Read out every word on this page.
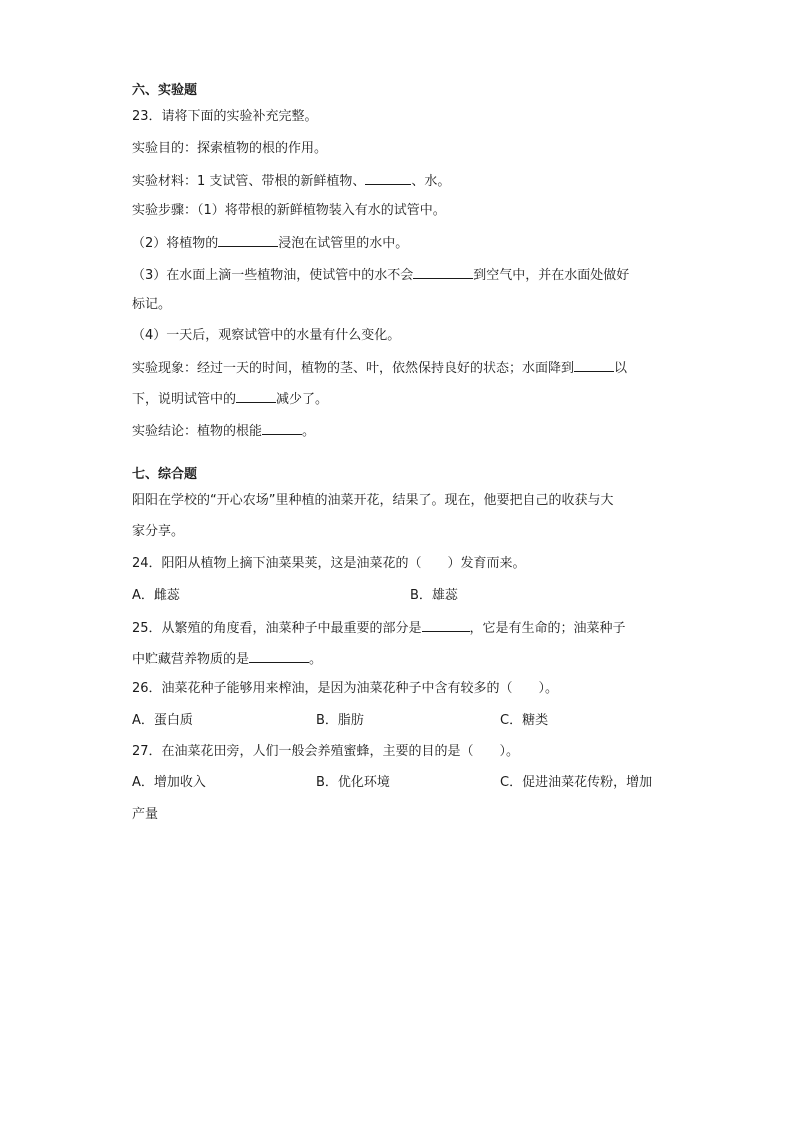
六、实验题
23．请将下面的实验补充完整。
实验目的：探索植物的根的作用。
实验材料：1 支试管、带根的新鲜植物、	、水。
实验步骤：（1）将带根的新鲜植物装入有水的试管中。
（2）将植物的	浸泡在试管里的水中。
（3）在水面上滴一些植物油，使试管中的水不会	到空气中，并在水面处做好
标记。
（4）一天后，观察试管中的水量有什么变化。
实验现象：经过一天的时间，植物的茎、叶，依然保持良好的状态；水面降到	以
下，说明试管中的	减少了。
实验结论：植物的根能	。
七、综合题
阳阳在学校的“开心农场”里种植的油菜开花，结果了。现在，他要把自己的收获与大
家分享。
24．阳阳从植物上摘下油菜果荚，这是油菜花的（　　）发育而来。
A．雌蕊	B．雄蕊
25．从繁殖的角度看，油菜种子中最重要的部分是	，它是有生命的；油菜种子
中贮藏营养物质的是	。
26．油菜花种子能够用来榨油，是因为油菜花种子中含有较多的（　　）。
A．蛋白质	B．脂肪	C．糖类
27．在油菜花田旁，人们一般会养殖蜜蜂，主要的目的是（　　）。
A．增加收入	B．优化环境	C．促进油菜花传粉，增加
产量
